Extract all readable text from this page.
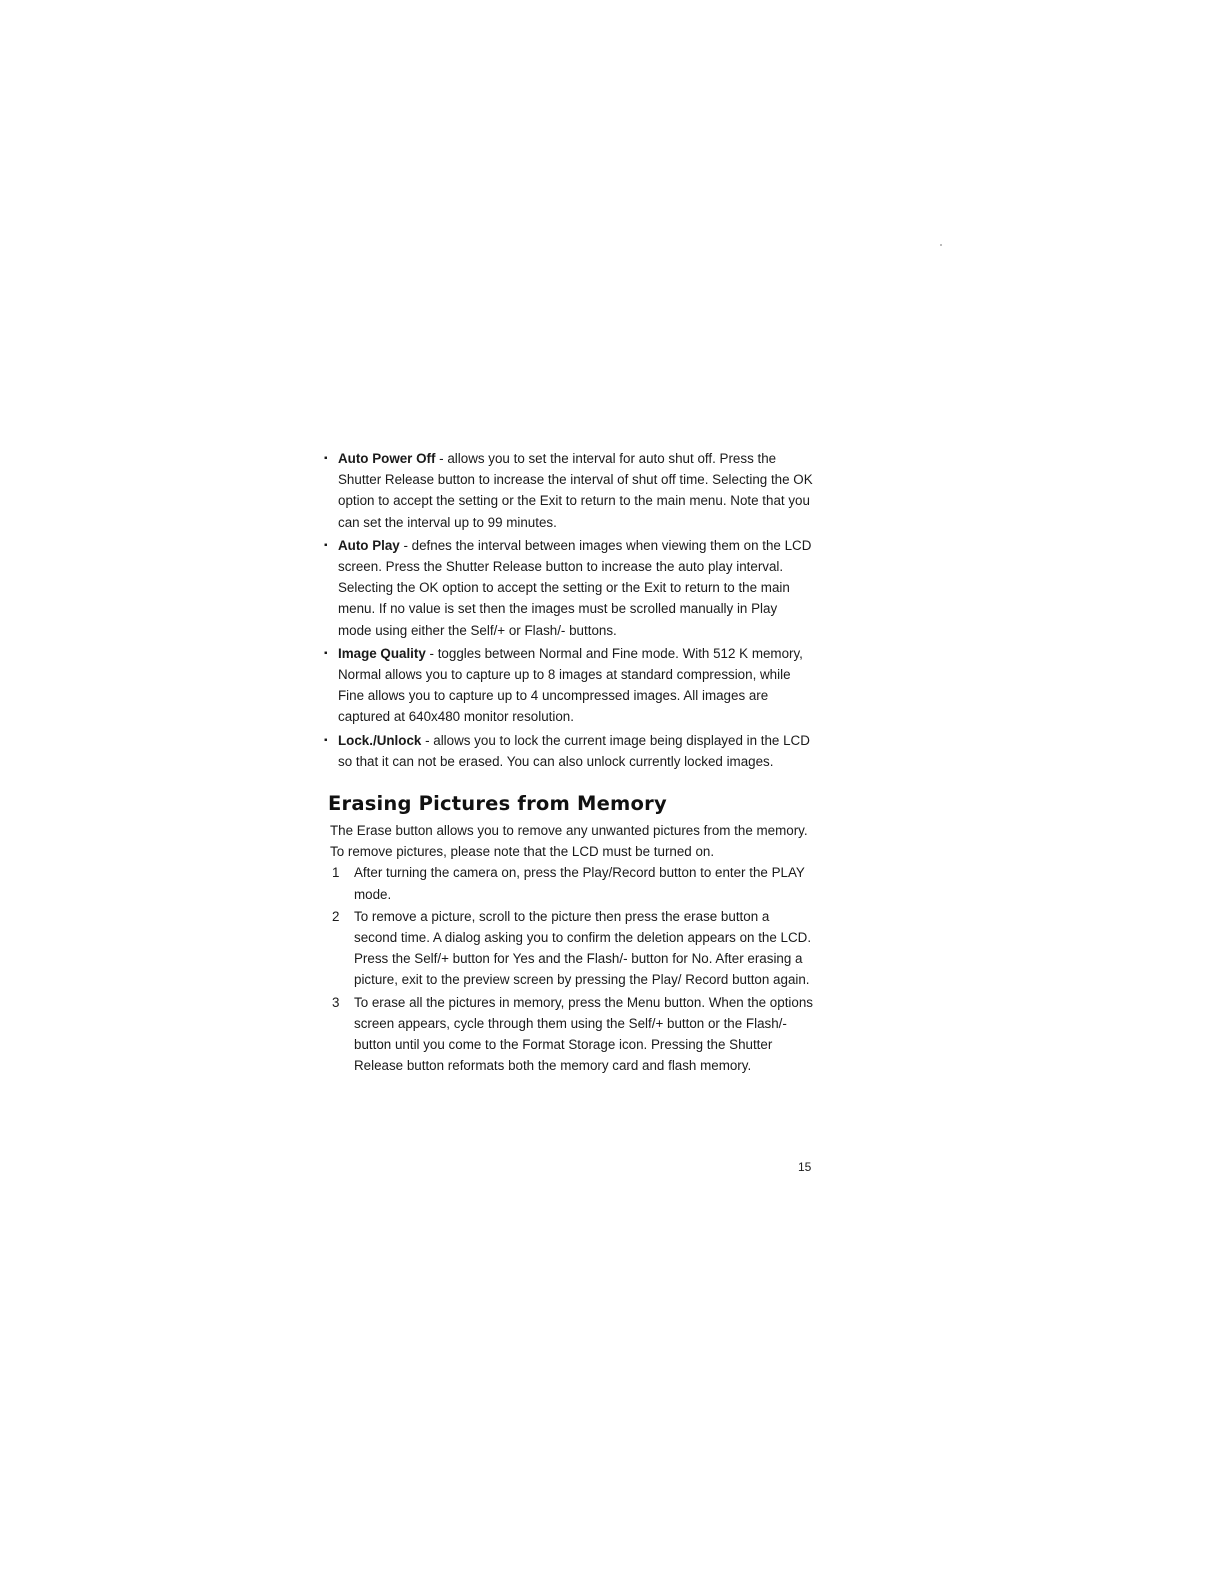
▪ Auto Power Off - allows you to set the interval for auto shut off. Press the Shutter Release button to increase the interval of shut off time. Selecting the OK option to accept the setting or the Exit to return to the main menu. Note that you can set the interval up to 99 minutes.
▪ Auto Play - defnes the interval between images when viewing them on the LCD screen. Press the Shutter Release button to increase the auto play interval. Selecting the OK option to accept the setting or the Exit to return to the main menu. If no value is set then the images must be scrolled manually in Play mode using either the Self/+ or Flash/- buttons.
▪ Image Quality - toggles between Normal and Fine mode. With 512 K memory, Normal allows you to capture up to 8 images at standard compression, while Fine allows you to capture up to 4 uncompressed images. All images are captured at 640x480 monitor resolution.
▪ Lock./Unlock - allows you to lock the current image being displayed in the LCD so that it can not be erased. You can also unlock currently locked images.
Erasing Pictures from Memory

The Erase button allows you to remove any unwanted pictures from the memory. To remove pictures, please note that the LCD must be turned on.

1 After turning the camera on, press the Play/Record button to enter the PLAY mode.
2 To remove a picture, scroll to the picture then press the erase button a second time. A dialog asking you to confirm the deletion appears on the LCD. Press the Self/+ button for Yes and the Flash/- button for No. After erasing a picture, exit to the preview screen by pressing the Play/ Record button again.
3 To erase all the pictures in memory, press the Menu button. When the options screen appears, cycle through them using the Self/+ button or the Flash/- button until you come to the Format Storage icon. Pressing the Shutter Release button reformats both the memory card and flash memory.
15
